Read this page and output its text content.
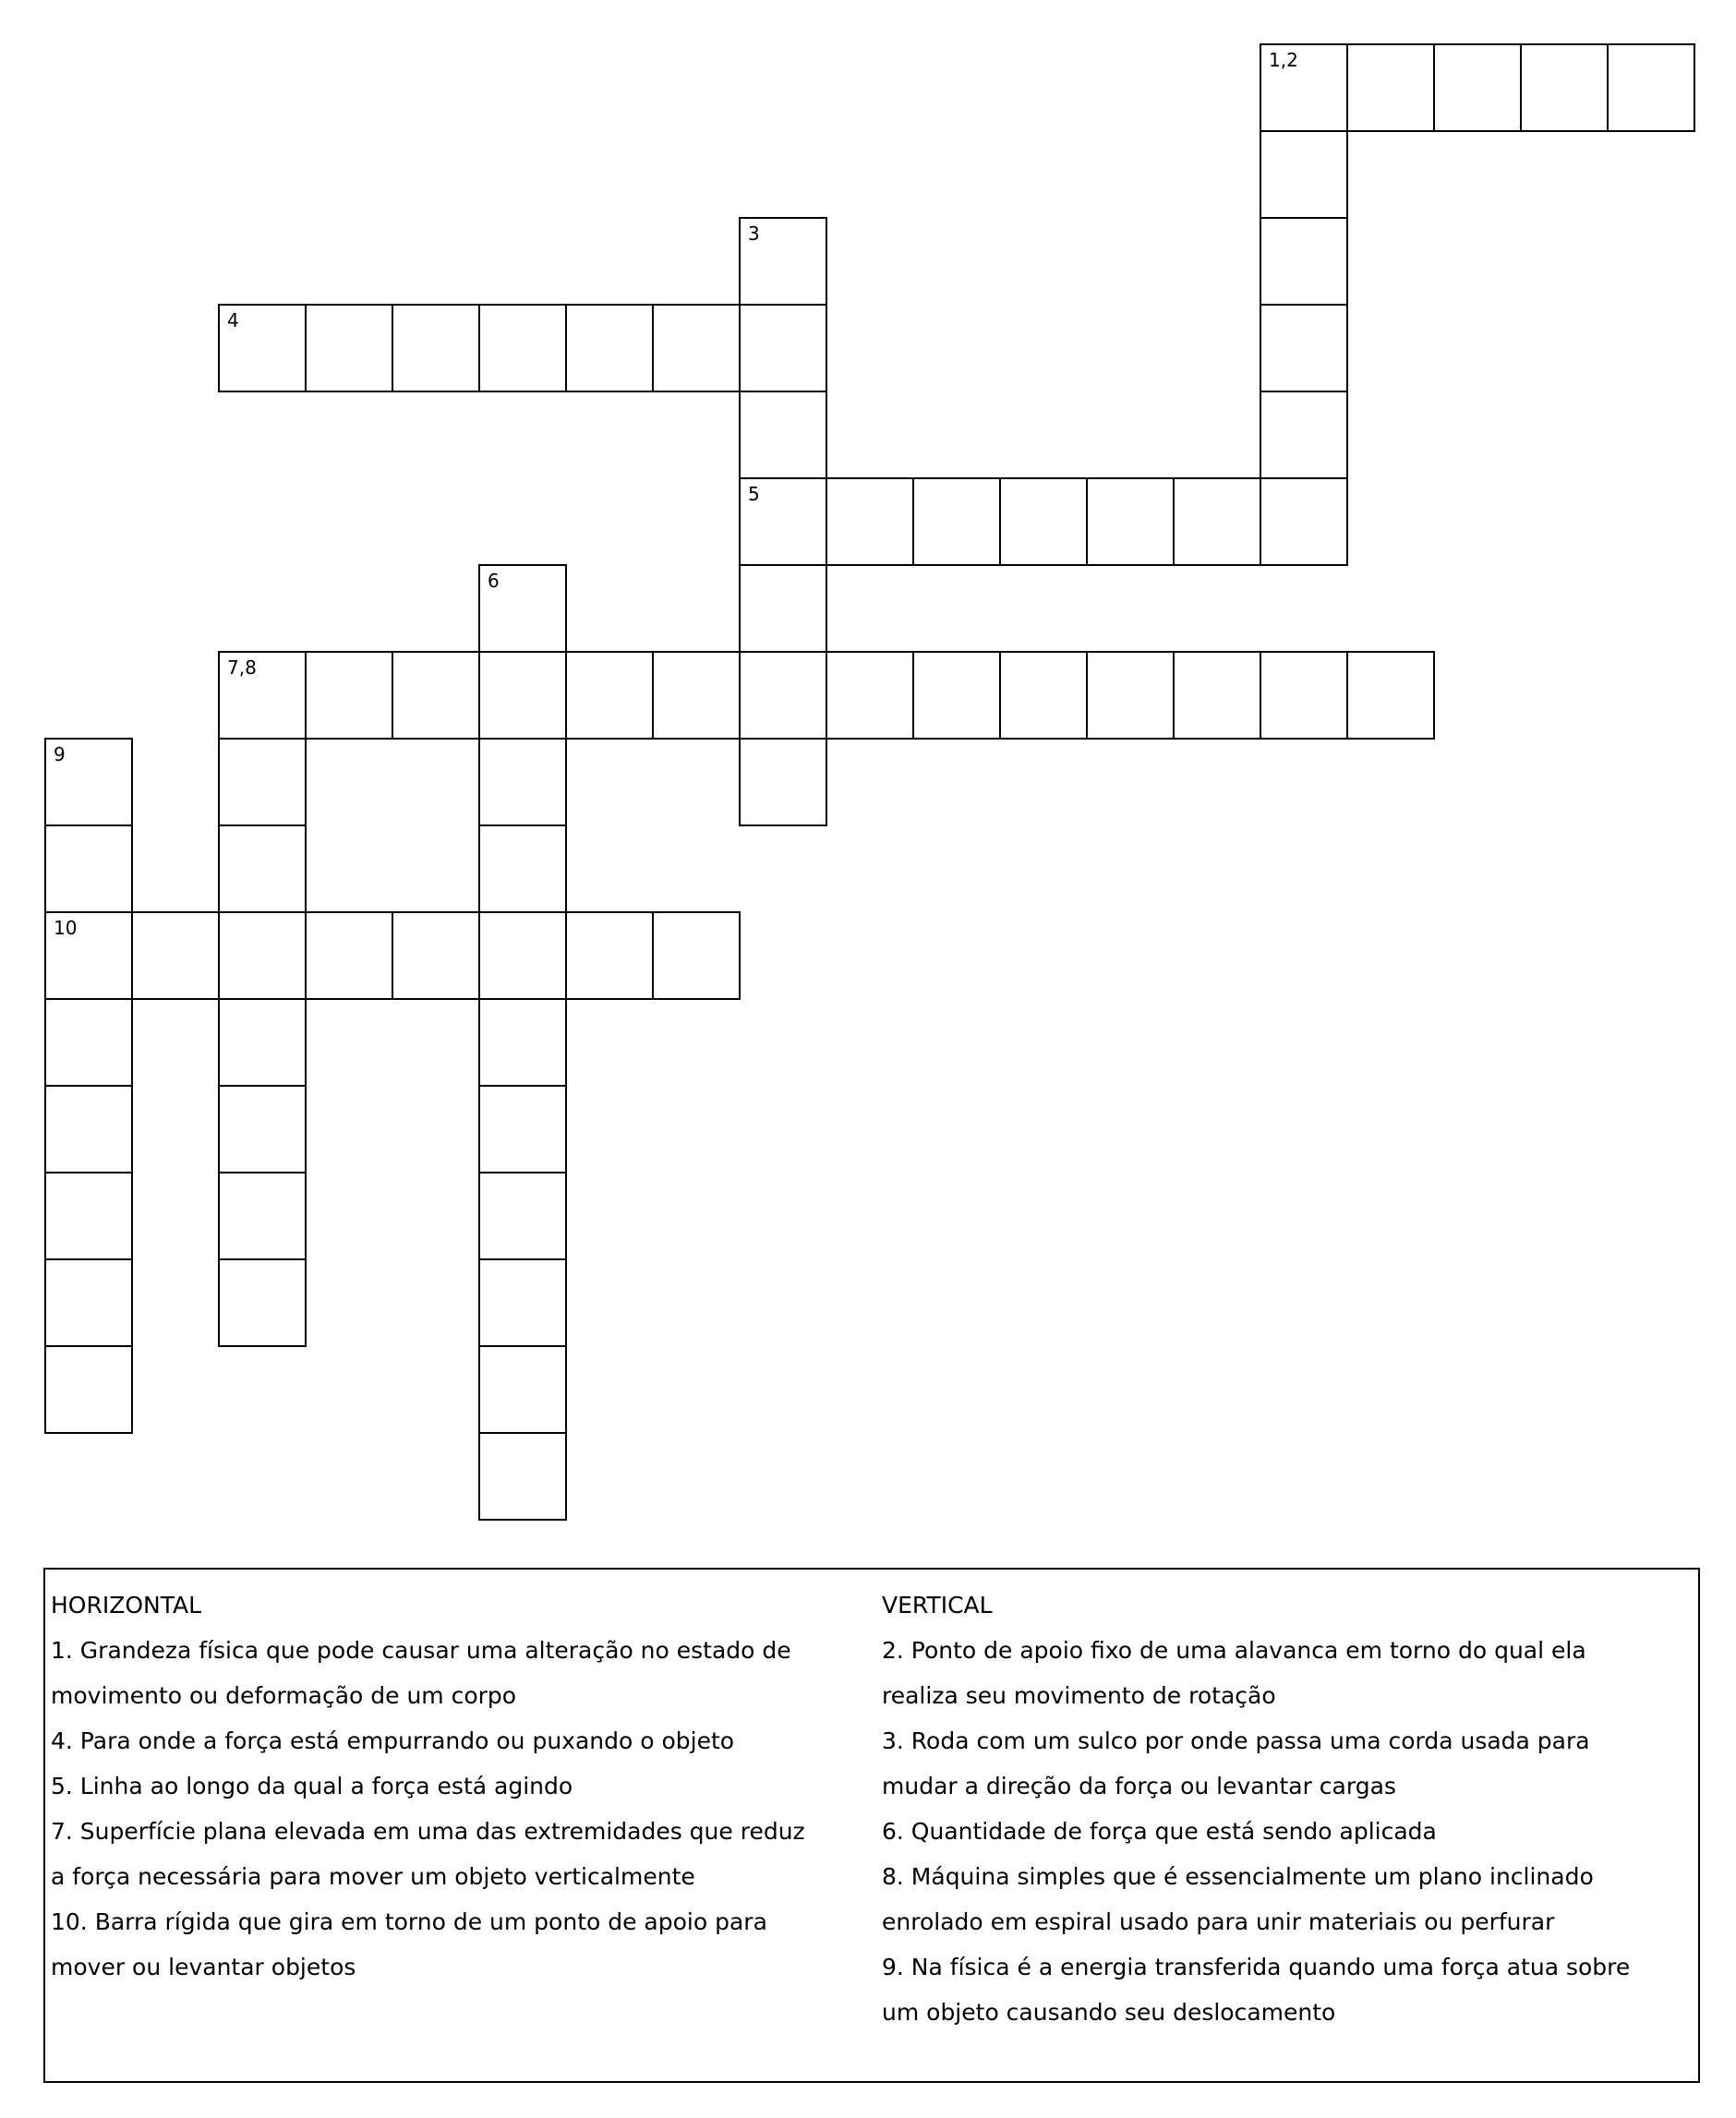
1,2
3
4
5
6
7,8
9
10
HORIZONTAL
1. Grandeza física que pode causar uma alteração no estado de
movimento ou deformação de um corpo
4. Para onde a força está empurrando ou puxando o objeto
5. Linha ao longo da qual a força está agindo
7. Superfície plana elevada em uma das extremidades que reduz
a força necessária para mover um objeto verticalmente
10. Barra rígida que gira em torno de um ponto de apoio para
mover ou levantar objetos
VERTICAL
2. Ponto de apoio fixo de uma alavanca em torno do qual ela
realiza seu movimento de rotação
3. Roda com um sulco por onde passa uma corda usada para
mudar a direção da força ou levantar cargas
6. Quantidade de força que está sendo aplicada
8. Máquina simples que é essencialmente um plano inclinado
enrolado em espiral usado para unir materiais ou perfurar
9. Na física é a energia transferida quando uma força atua sobre
um objeto causando seu deslocamento
